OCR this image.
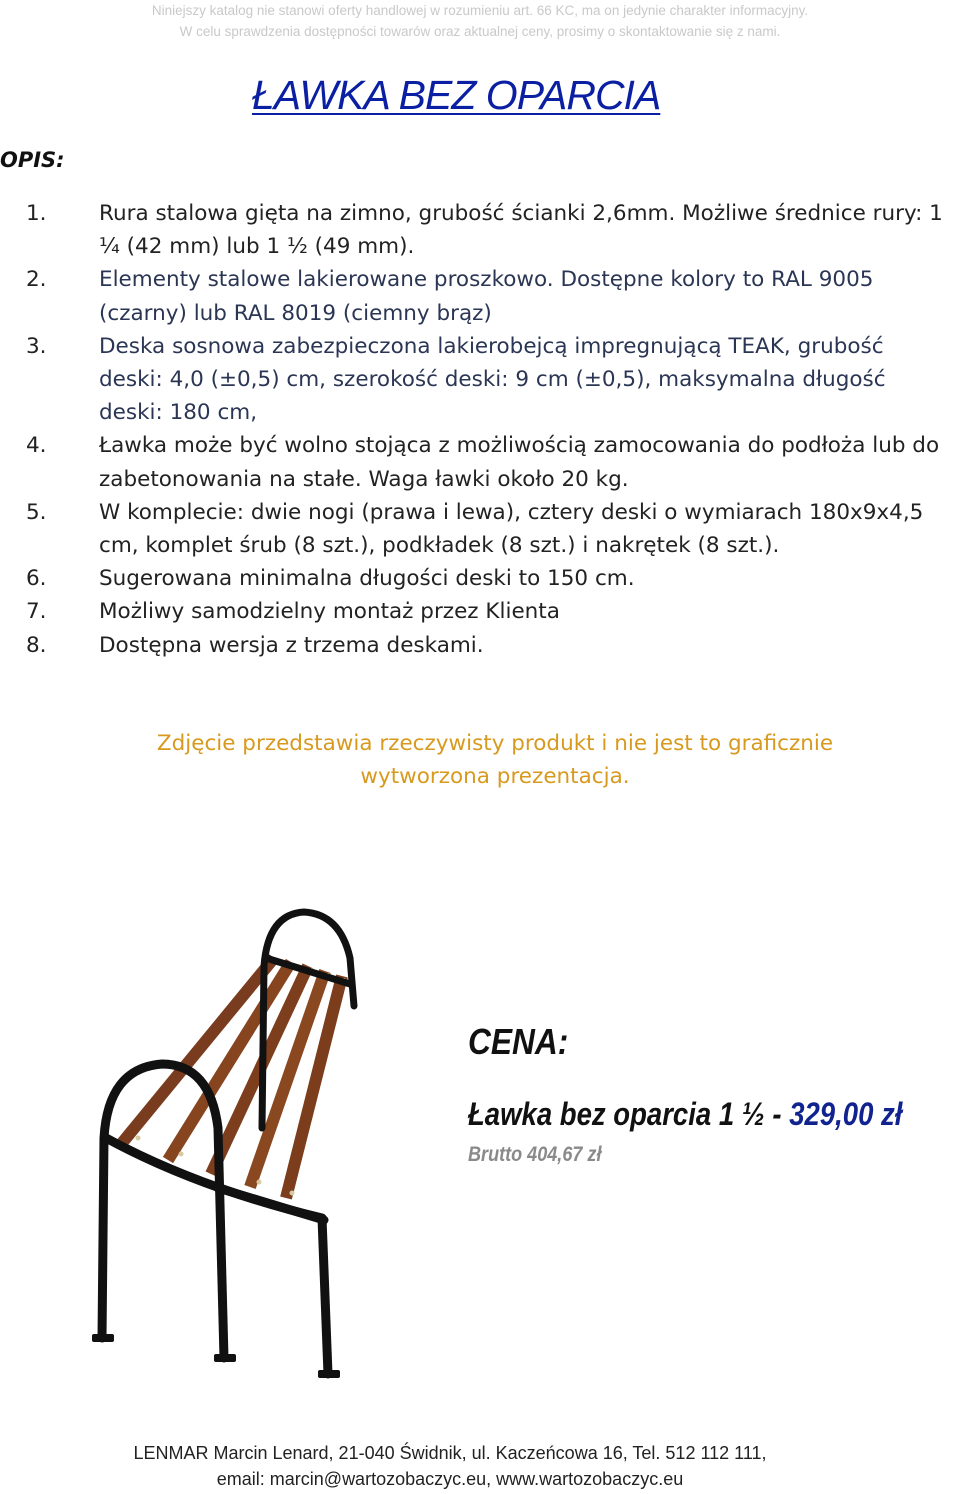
Niniejszy katalog nie stanowi oferty handlowej w rozumieniu art. 66 KC, ma on jedynie charakter informacyjny.
W celu sprawdzenia dostępności towarów oraz aktualnej ceny, prosimy o skontaktowanie się z nami.
ŁAWKA BEZ OPARCIA
OPIS:
1. Rura stalowa gięta na zimno, grubość ścianki 2,6mm. Możliwe średnice rury: 1 ¼ (42 mm) lub 1 ½ (49 mm).
2. Elementy stalowe lakierowane proszkowo. Dostępne kolory to RAL 9005 (czarny) lub RAL 8019 (ciemny brąz)
3. Deska sosnowa zabezpieczona lakierobejcą impregnującą TEAK, grubość deski: 4,0 (±0,5) cm, szerokość deski: 9 cm (±0,5), maksymalna długość deski: 180 cm,
4. Ławka może być wolno stojąca z możliwością zamocowania do podłoża lub do zabetonowania na stałe. Waga ławki około 20 kg.
5. W komplecie: dwie nogi (prawa i lewa), cztery deski o wymiarach 180x9x4,5 cm, komplet śrub (8 szt.), podkładek (8 szt.) i nakrętek (8 szt.).
6. Sugerowana minimalna długości deski to 150 cm.
7. Możliwy samodzielny montaż przez Klienta
8. Dostępna wersja z trzema deskami.
Zdjęcie przedstawia rzeczywisty produkt i nie jest to graficznie
wytworzona prezentacja.
CENA:
Ławka bez oparcia 1 ½ - 329,00 zł
Brutto 404,67 zł
LENMAR Marcin Lenard, 21-040 Świdnik, ul. Kaczeńcowa 16, Tel. 512 112 111,
email: marcin@wartozobaczyc.eu, www.wartozobaczyc.eu
